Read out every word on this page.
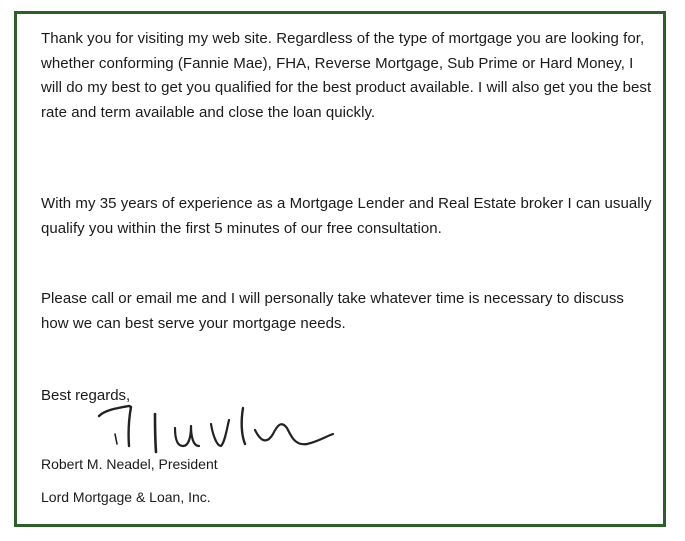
Thank you for visiting my web site. Regardless of the type of mortgage you are looking for, whether conforming (Fannie Mae), FHA, Reverse Mortgage, Sub Prime or Hard Money, I will do my best to get you qualified for the best product available. I will also get you the best rate and term available and close the loan quickly.

With my 35 years of experience as a Mortgage Lender and Real Estate broker I can usually qualify you within the first 5 minutes of our free consultation.

Please call or email me and I will personally take whatever time is necessary to discuss how we can best serve your mortgage needs.

Best regards,

Robert M. Neadel, President

Lord Mortgage & Loan, Inc.
